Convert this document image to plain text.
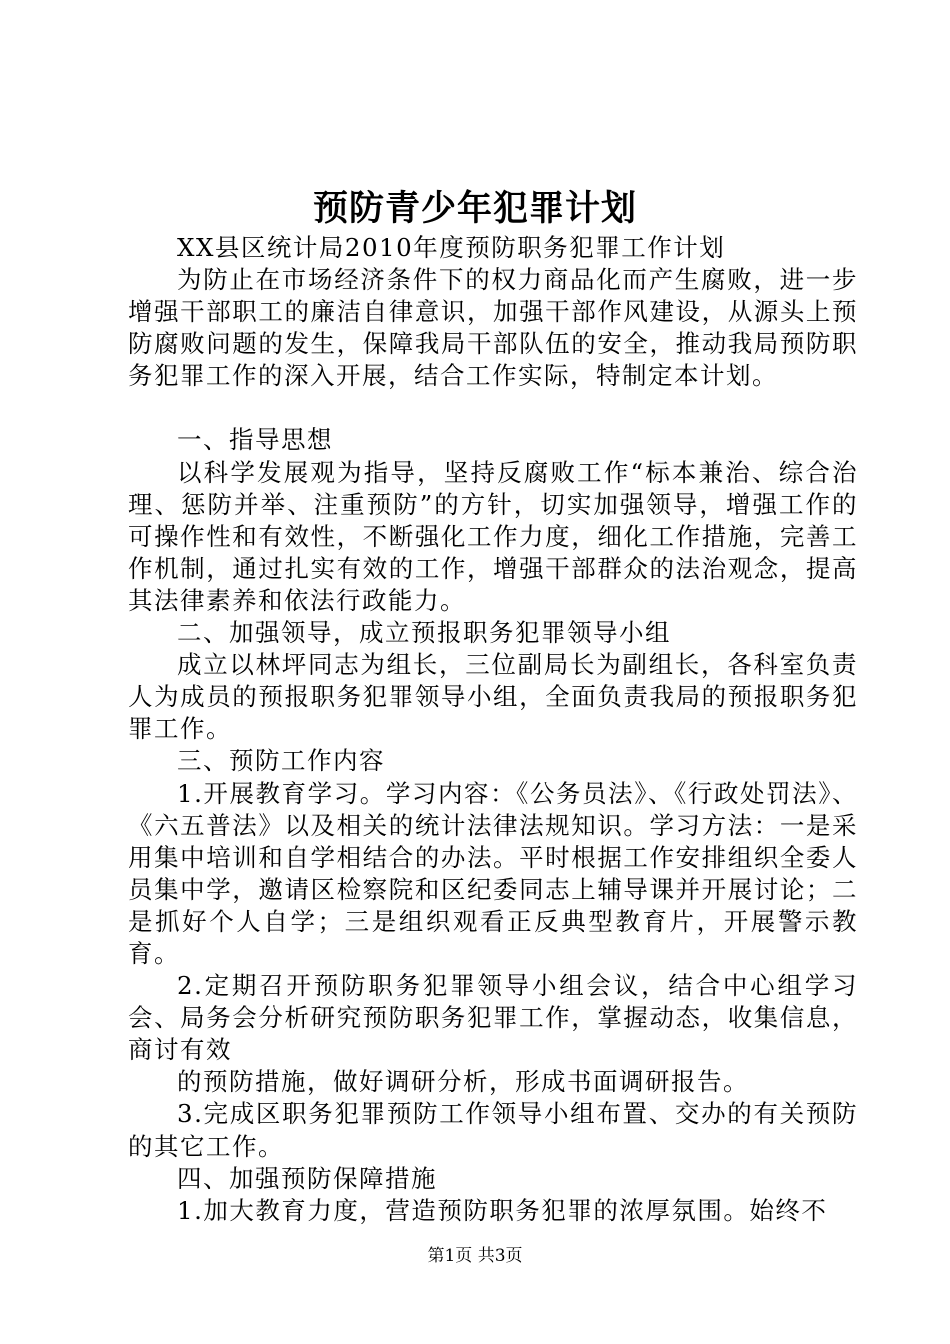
预防青少年犯罪计划

XX县区统计局2010年度预防职务犯罪工作计划

为防止在市场经济条件下的权力商品化而产生腐败，进一步增强干部职工的廉洁自律意识，加强干部作风建设，从源头上预防腐败问题的发生，保障我局干部队伍的安全，推动我局预防职务犯罪工作的深入开展，结合工作实际，特制定本计划。

一、指导思想

以科学发展观为指导，坚持反腐败工作“标本兼治、综合治理、惩防并举、注重预防”的方针，切实加强领导，增强工作的可操作性和有效性，不断强化工作力度，细化工作措施，完善工作机制，通过扎实有效的工作，增强干部群众的法治观念，提高其法律素养和依法行政能力。

二、加强领导，成立预报职务犯罪领导小组

成立以林坪同志为组长，三位副局长为副组长，各科室负责人为成员的预报职务犯罪领导小组，全面负责我局的预报职务犯罪工作。

三、预防工作内容

1.开展教育学习。学习内容：《公务员法》、《行政处罚法》、《六五普法》以及相关的统计法律法规知识。学习方法：一是采用集中培训和自学相结合的办法。平时根据工作安排组织全委人员集中学，邀请区检察院和区纪委同志上辅导课并开展讨论；二是抓好个人自学；三是组织观看正反典型教育片，开展警示教育。

2.定期召开预防职务犯罪领导小组会议，结合中心组学习会、局务会分析研究预防职务犯罪工作，掌握动态，收集信息，商讨有效

的预防措施，做好调研分析，形成书面调研报告。

3.完成区职务犯罪预防工作领导小组布置、交办的有关预防的其它工作。

四、加强预防保障措施

1.加大教育力度，营造预防职务犯罪的浓厚氛围。始终不

第1页 共3页
